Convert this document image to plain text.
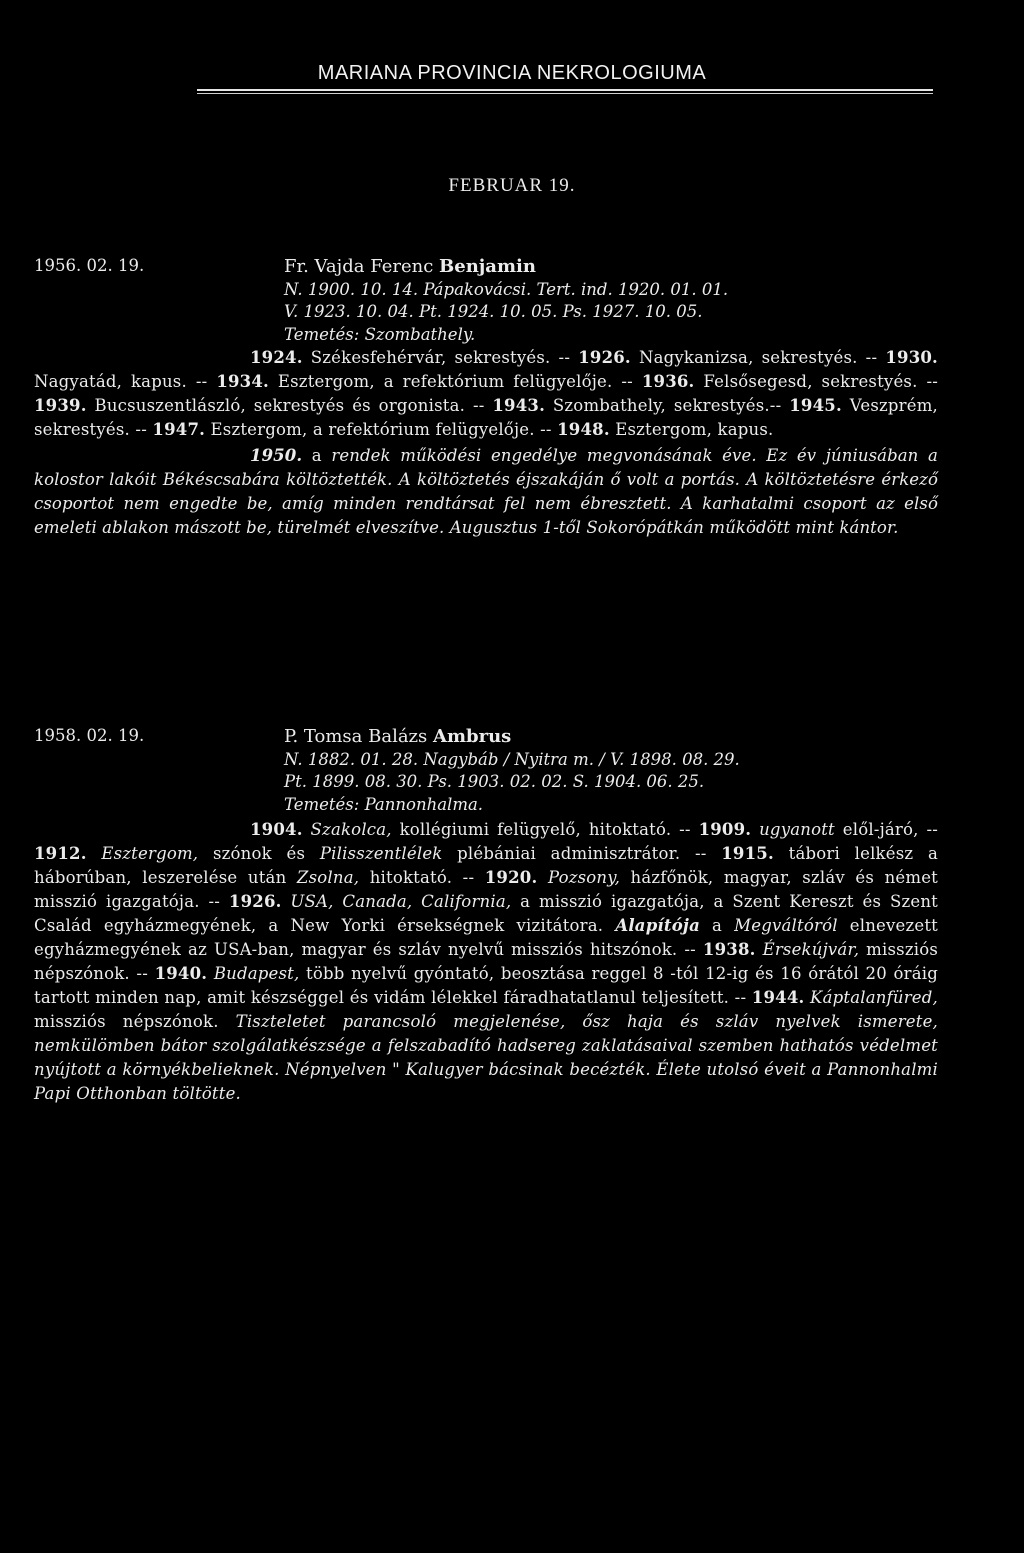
MARIANA PROVINCIA NEKROLOGIUMA
FEBRUAR 19.
1956. 02. 19.	Fr. Vajda Ferenc Benjamin
N. 1900. 10. 14. Pápakovácsi. Tert. ind. 1920. 01. 01.
V. 1923. 10. 04. Pt. 1924. 10. 05. Ps. 1927. 10. 05.
Temetés: Szombathely.
1924. Székesfehérvár, sekrestyés. -- 1926. Nagykanizsa, sekrestyés. -- 1930. Nagyatád, kapus. -- 1934. Esztergom, a refektórium felügyelője. -- 1936. Felsősegesd, sekrestyés. -- 1939. Bucsuszentlászló, sekrestyés és orgonista. -- 1943. Szombathely, sekrestyés.-- 1945. Veszprém, sekrestyés. -- 1947. Esztergom, a refektórium felügyelője. -- 1948. Esztergom, kapus.
1950. a rendek működési engedélye megvonásának éve. Ez év júniusában a kolostor lakóit Békéscsabára költöztették. A költöztetés éjszakáján ő volt a portás. A költöztetésre érkező csoportot nem engedte be, amíg minden rendtársat fel nem ébresztett. A karhatalmi csoport az első emeleti ablakon mászott be, türelmét elveszítve. Augusztus 1-től Sokorópátkán működött mint kántor.
1958. 02. 19.	P. Tomsa Balázs Ambrus
N. 1882. 01. 28. Nagybáb / Nyitra m. / V. 1898. 08. 29.
Pt. 1899. 08. 30. Ps. 1903. 02. 02. S. 1904. 06. 25.
Temetés: Pannonhalma.
1904. Szakolca, kollégiumi felügyelő, hitoktató. -- 1909. ugyanott elől-járó, -- 1912. Esztergom, szónok és Pilisszentlélek plébániai adminisztrátor. -- 1915. tábori lelkész a háborúban, leszerelése után Zsolna, hitoktató. -- 1920. Pozsony, házfőnök, magyar, szláv és német misszió igazgatója. -- 1926. USA, Canada, California, a misszió igazgatója, a Szent Kereszt és Szent Család egyházmegyének, a New Yorki érsekségnek vizitátora. Alapítója a Megváltóról elnevezett egyházmegyének az USA-ban, magyar és szláv nyelvű missziós hitszónok. -- 1938. Érsekújvár, missziós népszónok. -- 1940. Budapest, több nyelvű gyóntató, beosztása reggel 8 -tól 12-ig és 16 órától 20 óráig tartott minden nap, amit készséggel és vidám lélekkel fáradhatatlanul teljesített. -- 1944. Káptalanfüred, missziós népszónok. Tiszteletet parancsoló megjelenése, ősz haja és szláv nyelvek ismerete, nemkülömben bátor szolgálatkészsége a felszabadító hadsereg zaklatásaival szemben hathatós védelmet nyújtott a környékbelieknek. Népnyelven " Kalugyer bácsinak becézték. Élete utolsó éveit a Pannonhalmi Papi Otthonban töltötte.
